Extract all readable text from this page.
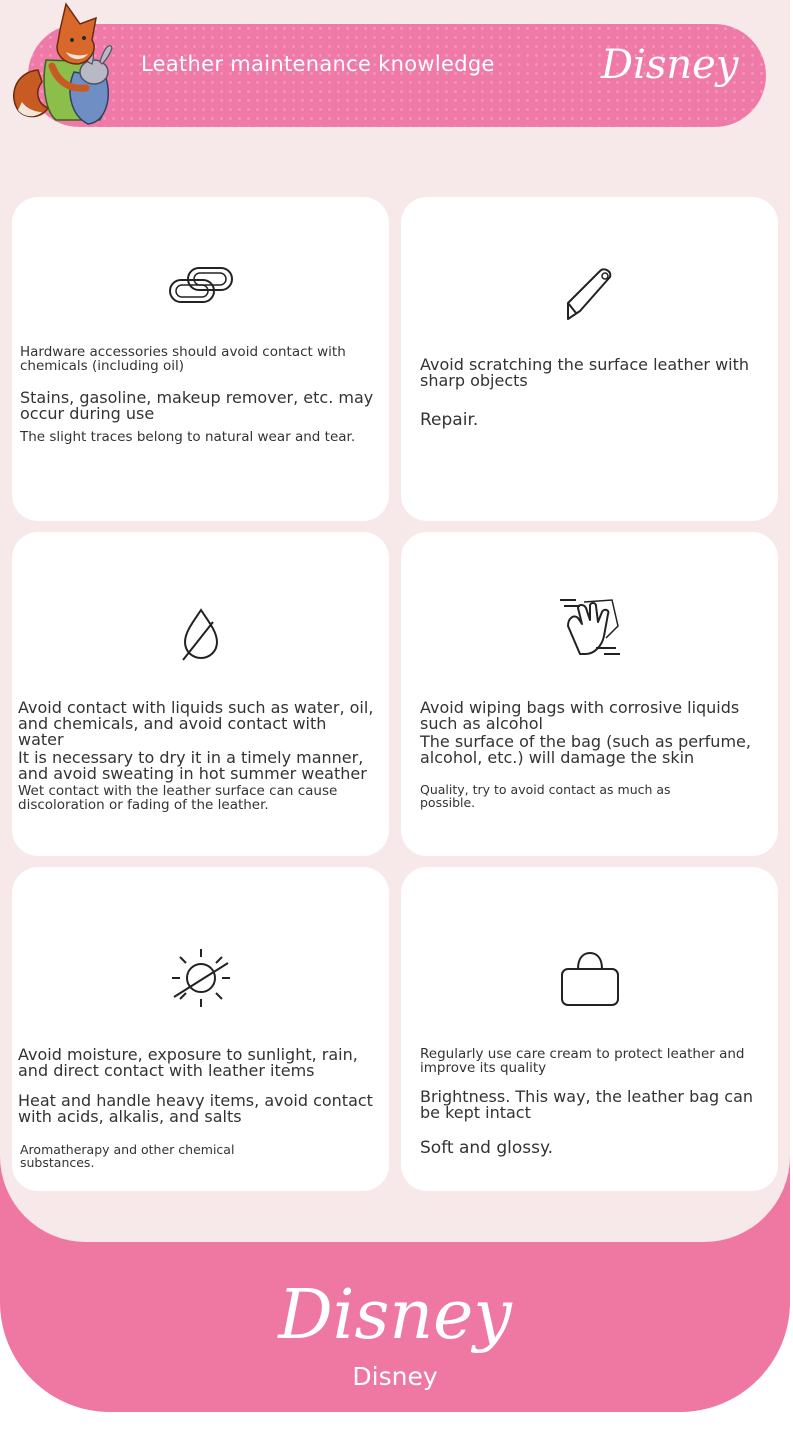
Leather maintenance knowledge	Disney
Hardware accessories should avoid contact with chemicals (including oil)
Stains, gasoline, makeup remover, etc. may occur during use
The slight traces belong to natural wear and tear.
Avoid scratching the surface leather with sharp objects
Repair.
Avoid contact with liquids such as water, oil, and chemicals, and avoid contact with water
It is necessary to dry it in a timely manner, and avoid sweating in hot summer weather
Wet contact with the leather surface can cause discoloration or fading of the leather.
Avoid wiping bags with corrosive liquids such as alcohol
The surface of the bag (such as perfume, alcohol, etc.) will damage the skin
Quality, try to avoid contact as much as possible.
Avoid moisture, exposure to sunlight, rain, and direct contact with leather items
Heat and handle heavy items, avoid contact with acids, alkalis, and salts
Aromatherapy and other chemical substances.
Regularly use care cream to protect leather and improve its quality
Brightness. This way, the leather bag can be kept intact
Soft and glossy.
Disney
Disney
